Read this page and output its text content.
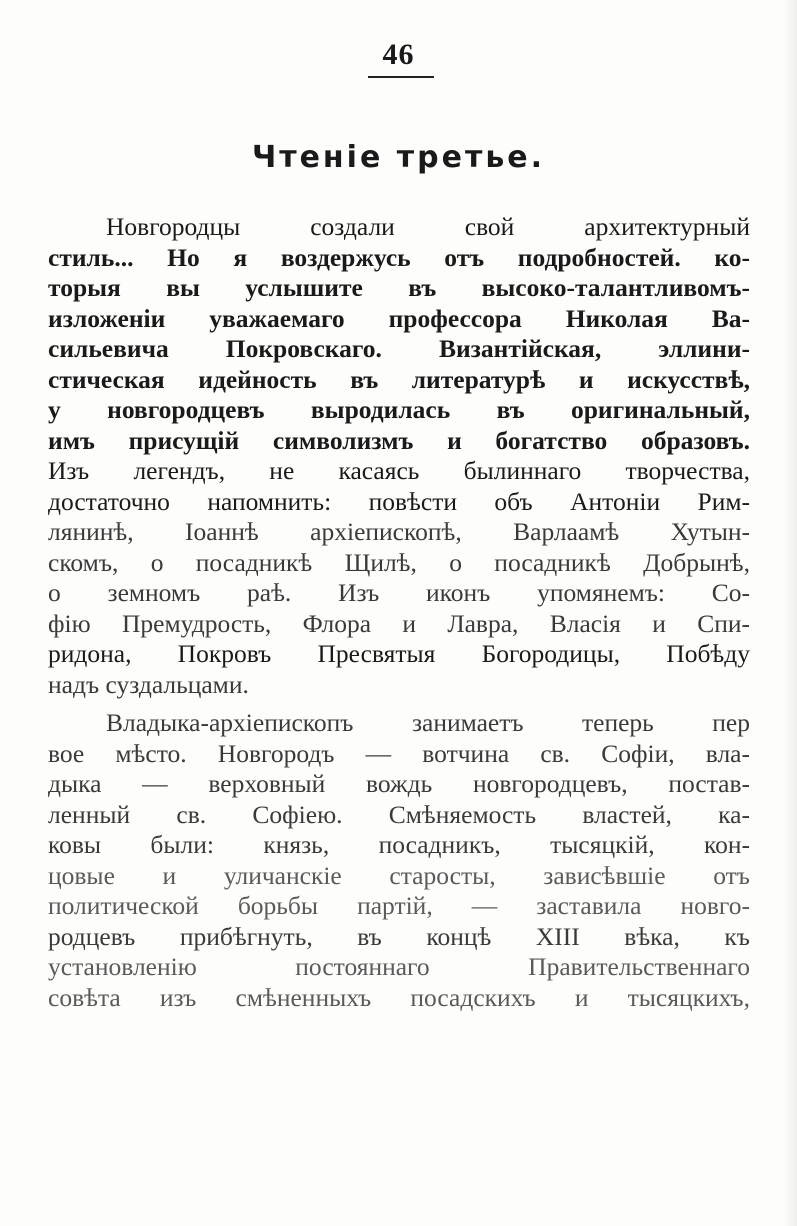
46
Чтеніе третье.
Новгородцы создали свой архитектурный
стиль... Но я воздержусь отъ подробностей. ко-
торыя вы услышите въ высоко-талантливомъ-
изложеніи уважаемаго профессора Николая Ва-
сильевича Покровскаго. Византійская, эллини-
стическая идейность въ литературѣ и искусствѣ,
у новгородцевъ выродилась въ оригинальный,
имъ присущій символизмъ и богатство образовъ.
Изъ легендъ, не касаясь былиннаго творчества,
достаточно напомнить: повѣсти объ Антоніи Рим-
лянинѣ, Іоаннѣ архіепископѣ, Варлаамѣ Хутын-
скомъ, о посадникѣ Щилѣ, о посадникѣ Добрынѣ,
о земномъ раѣ. Изъ иконъ упомянемъ: Со-
фію Премудрость, Флора и Лавра, Власія и Спи-
ридона, Покровъ Пресвятыя Богородицы, Побѣду
надъ суздальцами.
Владыка-архіепископъ занимаетъ теперь пер
вое мѣсто. Новгородъ — вотчина св. Софіи, вла-
дыка — верховный вождь новгородцевъ, постав-
ленный св. Софіею. Смѣняемость властей, ка-
ковы были: князь, посадникъ, тысяцкій, кон-
цовые и уличанскіе старосты, зависѣвшіе отъ
политической борьбы партій, — заставила новго-
родцевъ прибѣгнуть, въ концѣ XIII вѣка, къ
установленію постояннаго Правительственнаго
совѣта изъ смѣненныхъ посадскихъ и тысяцкихъ,
